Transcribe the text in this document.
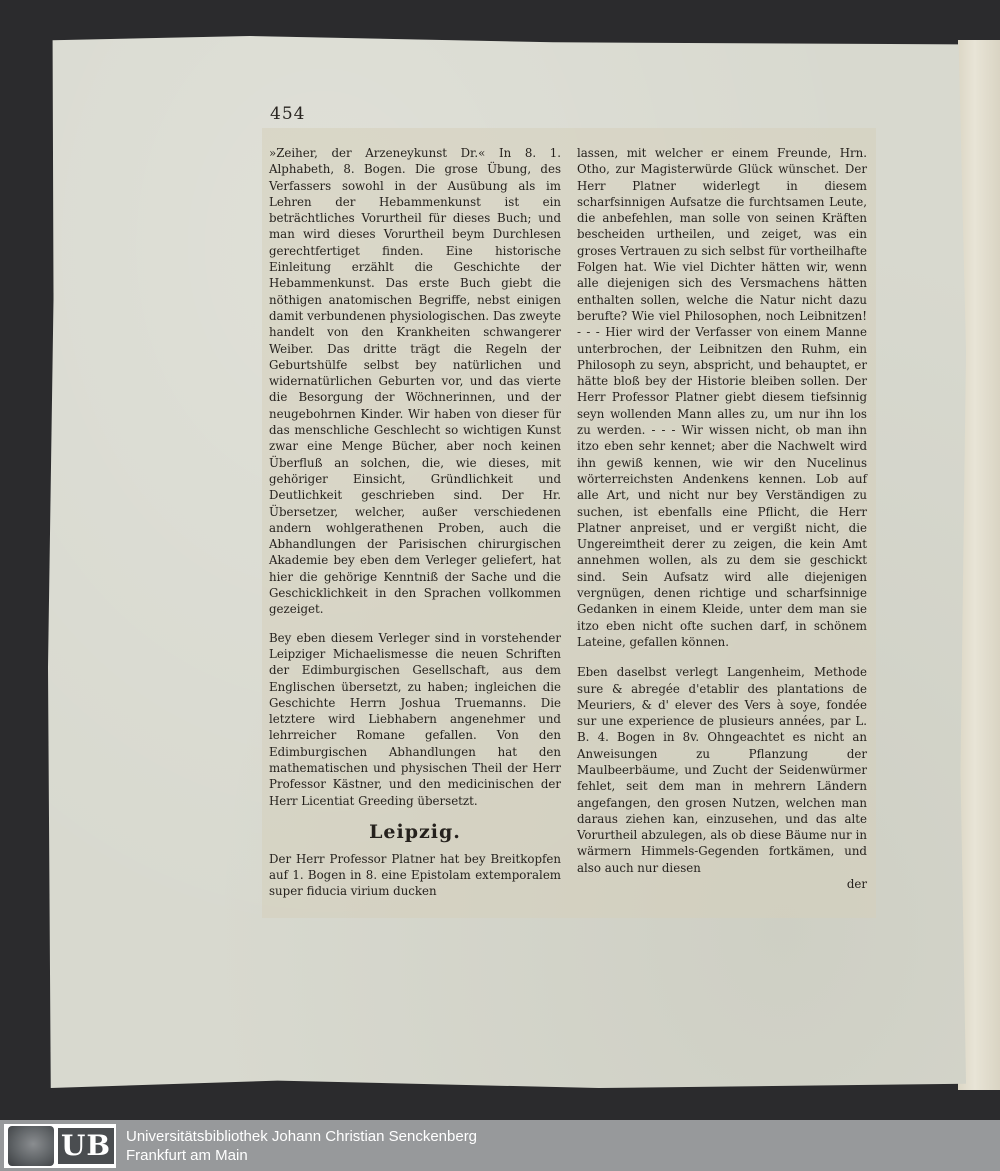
454

»Zeiher, der Arzeneykunst Dr.« In 8. 1. Alphabeth, 8. Bogen. Die grose Übung, des Verfassers sowohl in der Ausübung als im Lehren der Hebammenkunst ist ein beträchtliches Vorurtheil für dieses Buch; und man wird dieses Vorurtheil beym Durchlesen gerechtfertiget finden. Eine historische Einleitung erzählt die Geschichte der Hebammenkunst. Das erste Buch giebt die nöthigen anatomischen Begriffe, nebst einigen damit verbundenen physiologischen. Das zweyte handelt von den Krankheiten schwangerer Weiber. Das dritte trägt die Regeln der Geburtshülfe selbst bey natürlichen und widernatürlichen Geburten vor, und das vierte die Besorgung der Wöchnerinnen, und der neugebohrnen Kinder. Wir haben von dieser für das menschliche Geschlecht so wichtigen Kunst zwar eine Menge Bücher, aber noch keinen Überfluß an solchen, die, wie dieses, mit gehöriger Einsicht, Gründlichkeit und Deutlichkeit geschrieben sind. Der Hr. Übersetzer, welcher, außer verschiedenen andern wohlgerathenen Proben, auch die Abhandlungen der Parisischen chirurgischen Akademie bey eben dem Verleger geliefert, hat hier die gehörige Kenntniß der Sache und die Geschicklichkeit in den Sprachen vollkommen gezeiget.

Bey eben diesem Verleger sind in vorstehender Leipziger Michaelismesse die neuen Schriften der Edimburgischen Gesellschaft, aus dem Englischen übersetzt, zu haben; ingleichen die Geschichte Herrn Joshua Truemanns. Die letztere wird Liebhabern angenehmer und lehrreicher Romane gefallen. Von den Edimburgischen Abhandlungen hat den mathematischen und physischen Theil der Herr Professor Kästner, und den medicinischen der Herr Licentiat Greeding übersetzt.

Leipzig.

Der Herr Professor Platner hat bey Breitkopfen auf 1. Bogen in 8. eine Epistolam extemporalem super fiducia virium ducken

lassen, mit welcher er einem Freunde, Hrn. Otho, zur Magisterwürde Glück wünschet. Der Herr Platner widerlegt in diesem scharfsinnigen Aufsatze die furchtsamen Leute, die anbefehlen, man solle von seinen Kräften bescheiden urtheilen, und zeiget, was ein groses Vertrauen zu sich selbst für vortheilhafte Folgen hat. Wie viel Dichter hätten wir, wenn alle diejenigen sich des Versmachens hätten enthalten sollen, welche die Natur nicht dazu berufte? Wie viel Philosophen, noch Leibnitzen! - - - Hier wird der Verfasser von einem Manne unterbrochen, der Leibnitzen den Ruhm, ein Philosoph zu seyn, abspricht, und behauptet, er hätte bloß bey der Historie bleiben sollen. Der Herr Professor Platner giebt diesem tiefsinnig seyn wollenden Mann alles zu, um nur ihn los zu werden. - - - Wir wissen nicht, ob man ihn itzo eben sehr kennet; aber die Nachwelt wird ihn gewiß kennen, wie wir den Nucelinus wörterreichsten Andenkens kennen. Lob auf alle Art, und nicht nur bey Verständigen zu suchen, ist ebenfalls eine Pflicht, die Herr Platner anpreiset, und er vergißt nicht, die Ungereimtheit derer zu zeigen, die kein Amt annehmen wollen, als zu dem sie geschickt sind. Sein Aufsatz wird alle diejenigen vergnügen, denen richtige und scharfsinnige Gedanken in einem Kleide, unter dem man sie itzo eben nicht ofte suchen darf, in schönem Lateine, gefallen können.

Eben daselbst verlegt Langenheim, Methode sure & abregée d'etablir des plantations de Meuriers, & d' elever des Vers à soye, fondée sur une experience de plusieurs années, par L. B. 4. Bogen in 8v. Ohngeachtet es nicht an Anweisungen zu Pflanzung der Maulbeerbäume, und Zucht der Seidenwürmer fehlet, seit dem man in mehrern Ländern angefangen, den grosen Nutzen, welchen man daraus ziehen kan, einzusehen, und das alte Vorurtheil abzulegen, als ob diese Bäume nur in wärmern Himmels-Gegenden fortkämen, und also auch nur diesen

der

UB Universitätsbibliothek Johann Christian Senckenberg
Frankfurt am Main
